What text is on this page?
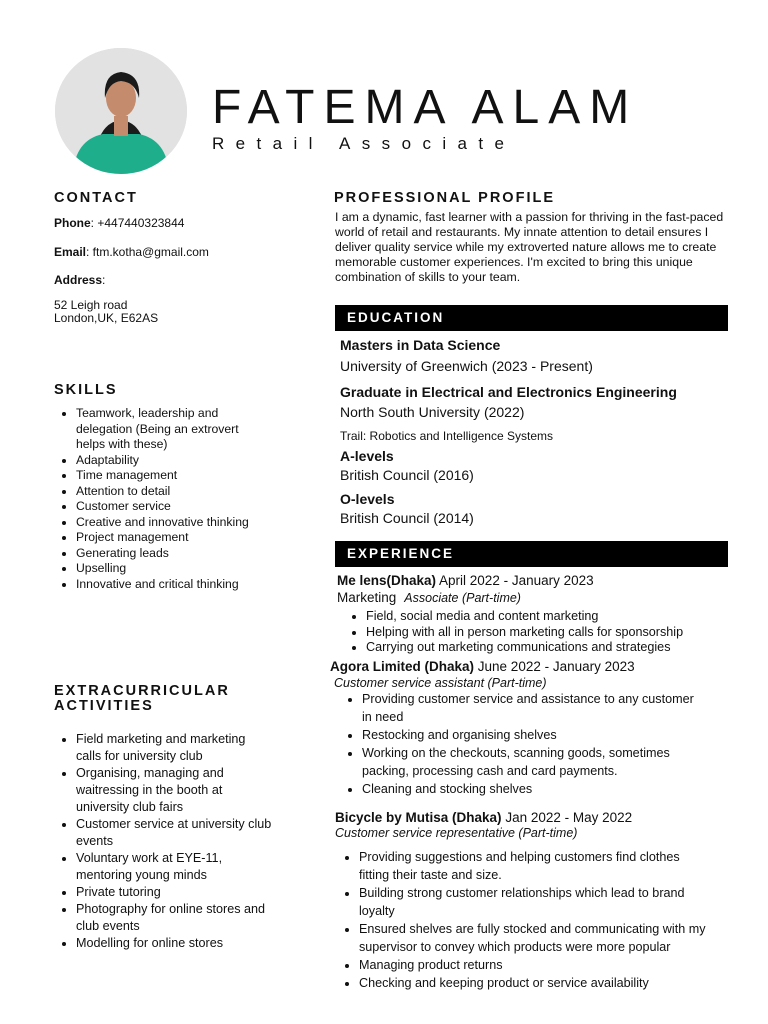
FATEMA ALAM
Retail Associate
CONTACT
Phone: +447440323844
Email: ftm.kotha@gmail.com
Address:
52 Leigh road
London,UK, E62AS
SKILLS
• Teamwork, leadership and delegation (Being an extrovert helps with these)
• Adaptability
• Time management
• Attention to detail
• Customer service
• Creative and innovative thinking
• Project management
• Generating leads
• Upselling
• Innovative and critical thinking
EXTRACURRICULAR
ACTIVITIES
• Field marketing and marketing calls for university club
• Organising, managing and waitressing in the booth at university club fairs
• Customer service at university club events
• Voluntary work at EYE-11, mentoring young minds
• Private tutoring
• Photography for online stores and club events
• Modelling for online stores
PROFESSIONAL PROFILE
I am a dynamic, fast learner with a passion for thriving in the fast-paced world of retail and restaurants. My innate attention to detail ensures I deliver quality service while my extroverted nature allows me to create memorable customer experiences. I'm excited to bring this unique combination of skills to your team.
EDUCATION
Masters in Data Science
University of Greenwich (2023 - Present)
Graduate in Electrical and Electronics Engineering
North South University (2022)
Trail: Robotics and Intelligence Systems
A-levels
British Council (2016)
O-levels
British Council (2014)
EXPERIENCE
Me lens(Dhaka) April 2022 - January 2023
Marketing Associate (Part-time)
• Field, social media and content marketing
• Helping with all in person marketing calls for sponsorship
• Carrying out marketing communications and strategies
Agora Limited (Dhaka) June 2022 - January 2023
Customer service assistant (Part-time)
• Providing customer service and assistance to any customer in need
• Restocking and organising shelves
• Working on the checkouts, scanning goods, sometimes packing, processing cash and card payments.
• Cleaning and stocking shelves
Bicycle by Mutisa (Dhaka) Jan 2022 - May 2022
Customer service representative (Part-time)
• Providing suggestions and helping customers find clothes fitting their taste and size.
• Building strong customer relationships which lead to brand loyalty
• Ensured shelves are fully stocked and communicating with my supervisor to convey which products were more popular
• Managing product returns
• Checking and keeping product or service availability
